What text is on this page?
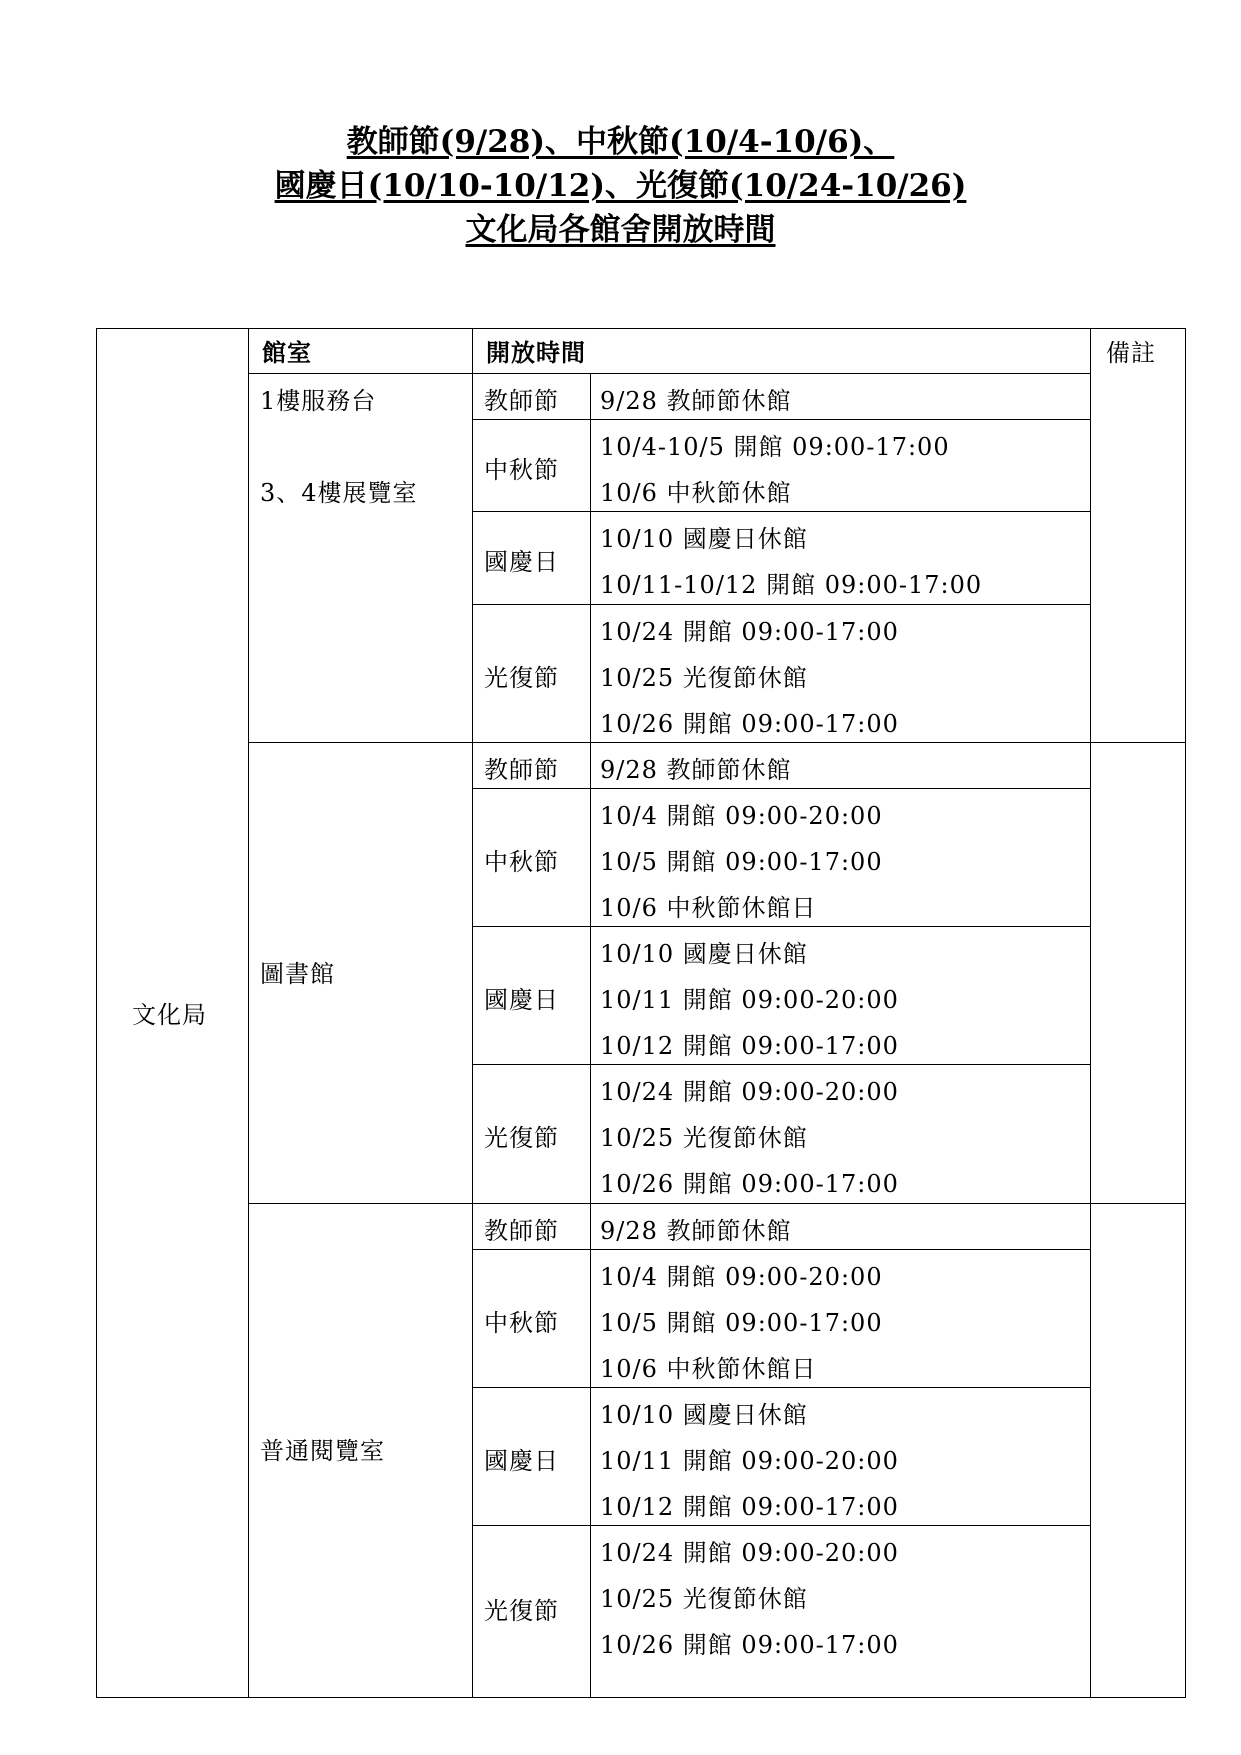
教師節(9/28)、中秋節(10/4-10/6)、
國慶日(10/10-10/12)、光復節(10/24-10/26)
文化局各館舍開放時間
館室	開放時間	備註
文化局
1樓服務台
3、4樓展覽室
圖書館
普通閱覽室
教師節
中秋節
國慶日
光復節
9/28 教師節休館
10/4-10/5 開館 09:00-17:00
10/6 中秋節休館
10/10 國慶日休館
10/11-10/12 開館 09:00-17:00
10/24 開館 09:00-17:00
10/25 光復節休館
10/26 開館 09:00-17:00
教師節
中秋節
國慶日
光復節
9/28 教師節休館
10/4 開館 09:00-20:00
10/5 開館 09:00-17:00
10/6 中秋節休館日
10/10 國慶日休館
10/11 開館 09:00-20:00
10/12 開館 09:00-17:00
10/24 開館 09:00-20:00
10/25 光復節休館
10/26 開館 09:00-17:00
教師節
中秋節
國慶日
光復節
9/28 教師節休館
10/4 開館 09:00-20:00
10/5 開館 09:00-17:00
10/6 中秋節休館日
10/10 國慶日休館
10/11 開館 09:00-20:00
10/12 開館 09:00-17:00
10/24 開館 09:00-20:00
10/25 光復節休館
10/26 開館 09:00-17:00
